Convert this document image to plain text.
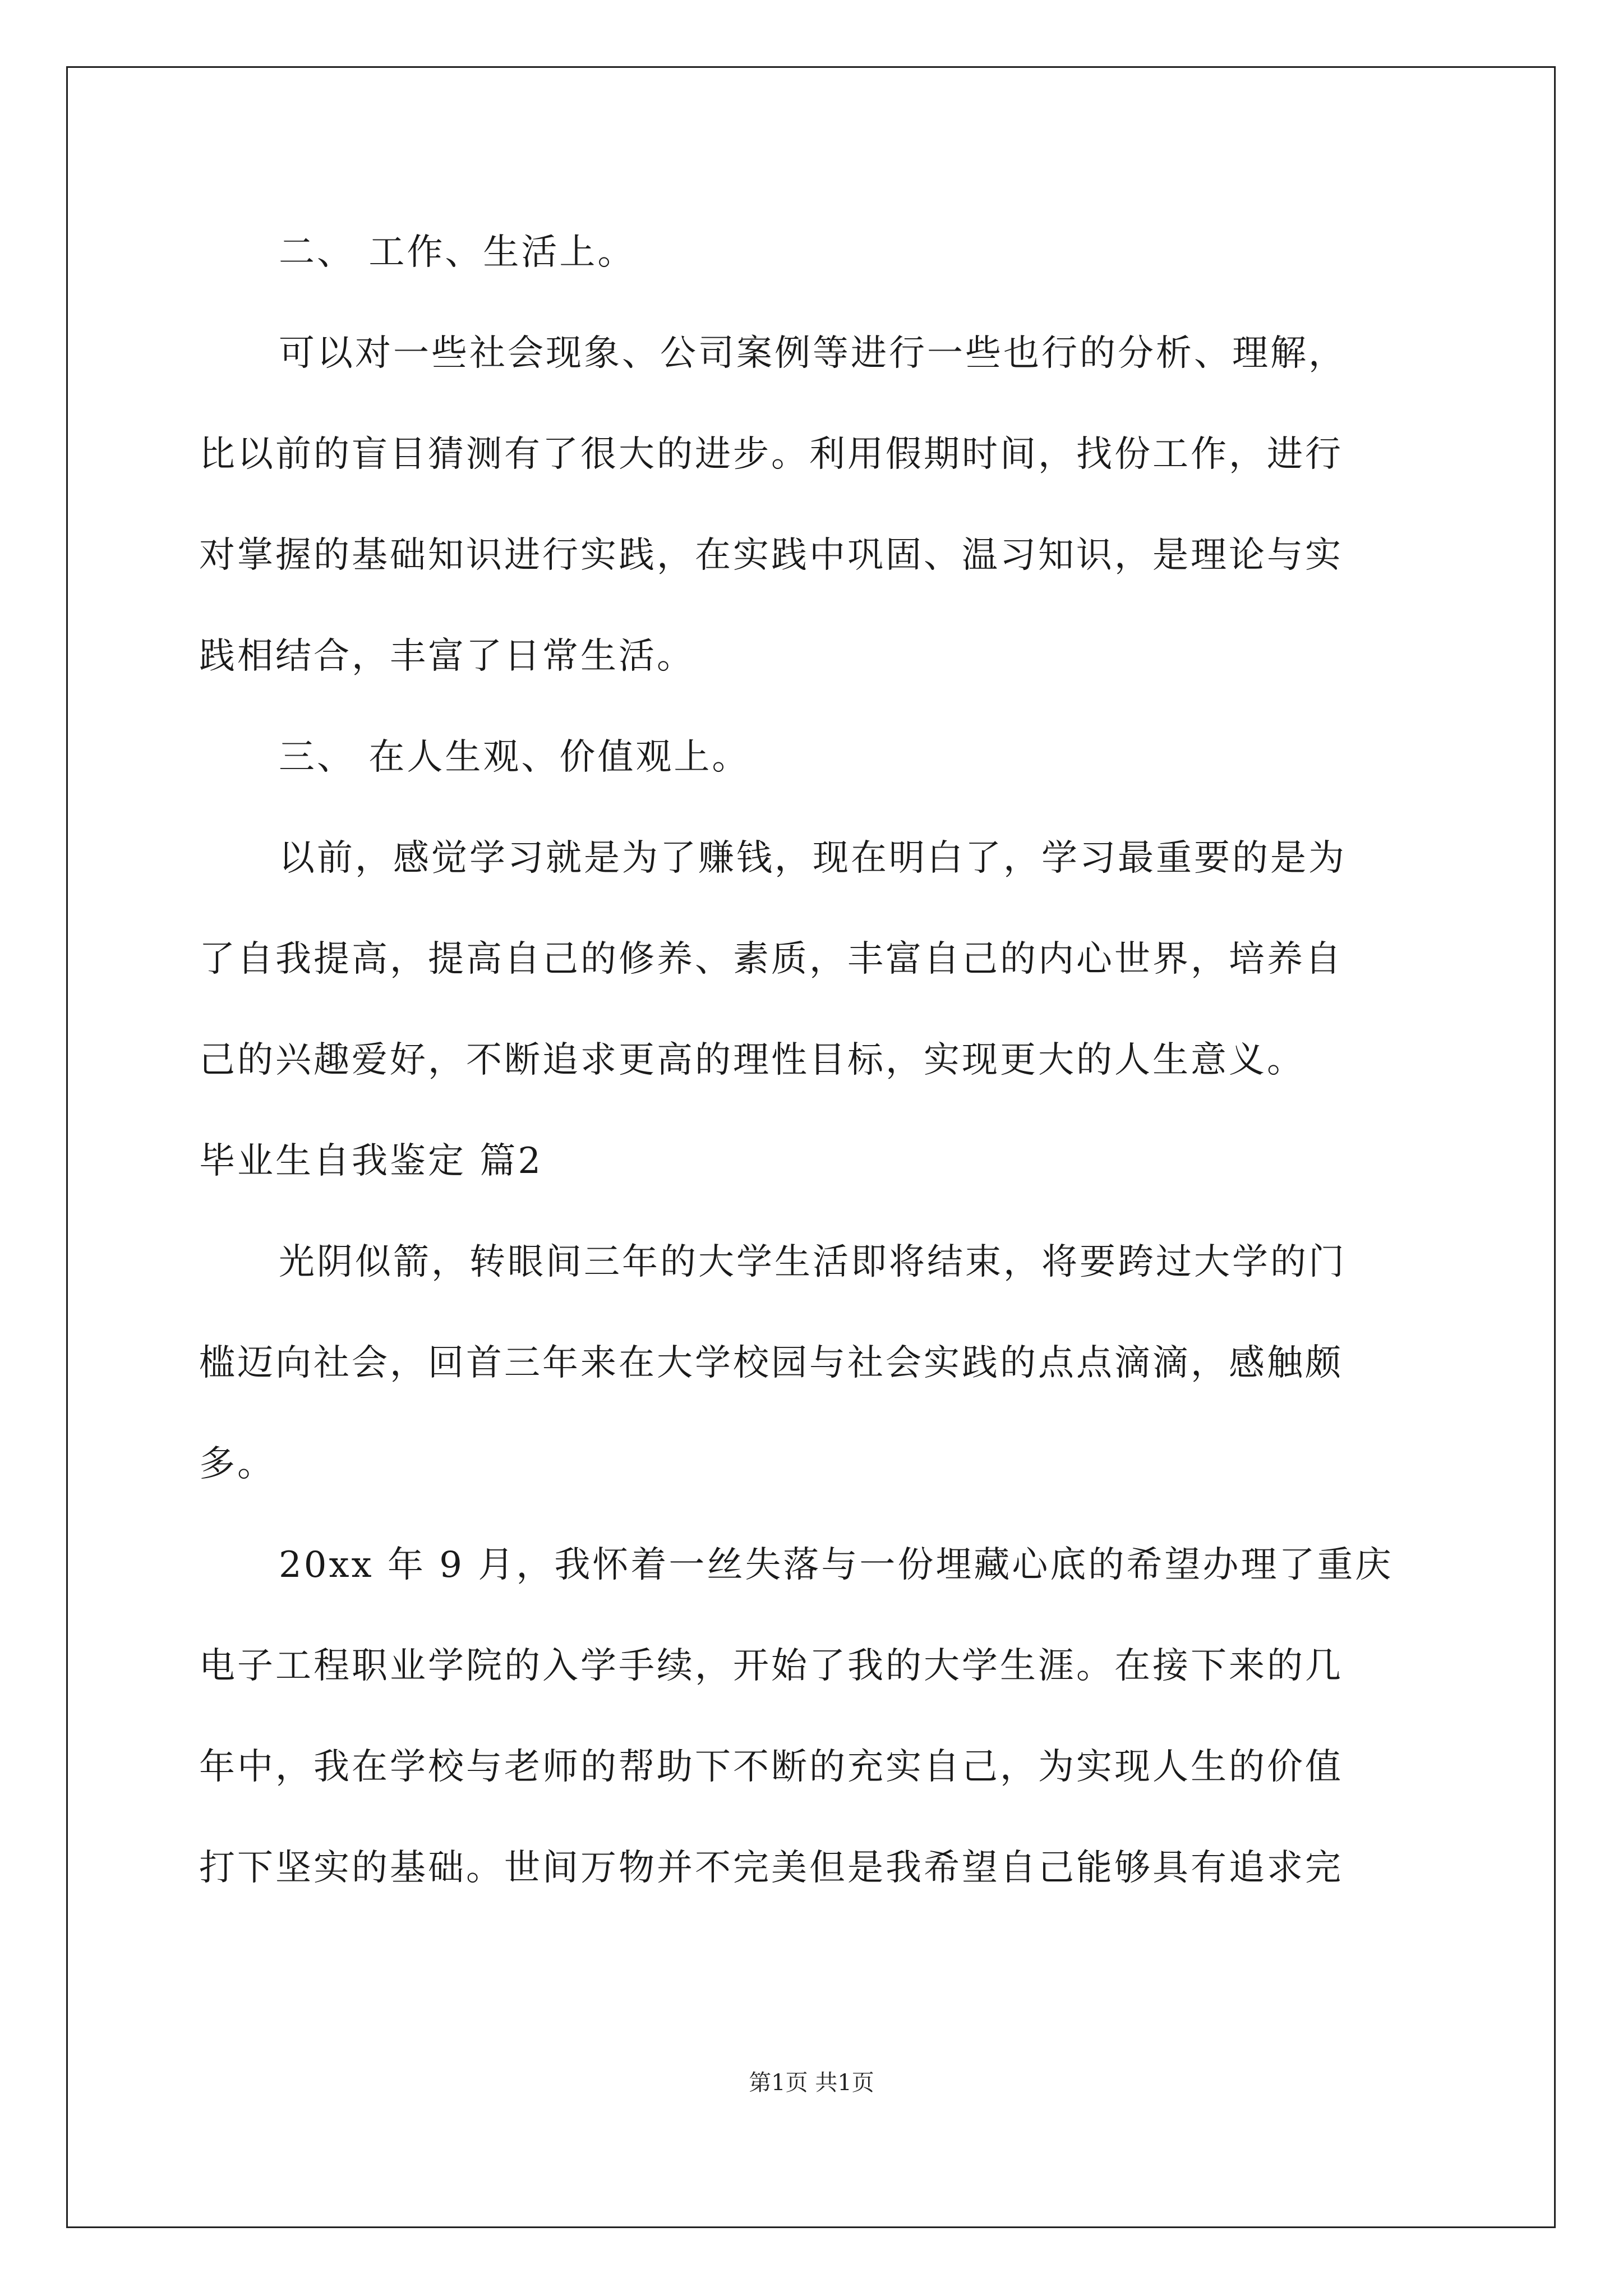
二、 工作、生活上。
可以对一些社会现象、公司案例等进行一些也行的分析、理解，
比以前的盲目猜测有了很大的进步。利用假期时间，找份工作，进行
对掌握的基础知识进行实践，在实践中巩固、温习知识，是理论与实
践相结合，丰富了日常生活。
三、 在人生观、价值观上。
以前，感觉学习就是为了赚钱，现在明白了，学习最重要的是为
了自我提高，提高自己的修养、素质，丰富自己的内心世界，培养自
己的兴趣爱好，不断追求更高的理性目标，实现更大的人生意义。
毕业生自我鉴定 篇2
光阴似箭，转眼间三年的大学生活即将结束，将要跨过大学的门
槛迈向社会，回首三年来在大学校园与社会实践的点点滴滴，感触颇
多。
20xx 年 9 月，我怀着一丝失落与一份埋藏心底的希望办理了重庆
电子工程职业学院的入学手续，开始了我的大学生涯。在接下来的几
年中，我在学校与老师的帮助下不断的充实自己，为实现人生的价值
打下坚实的基础。世间万物并不完美但是我希望自己能够具有追求完
第1页 共1页
